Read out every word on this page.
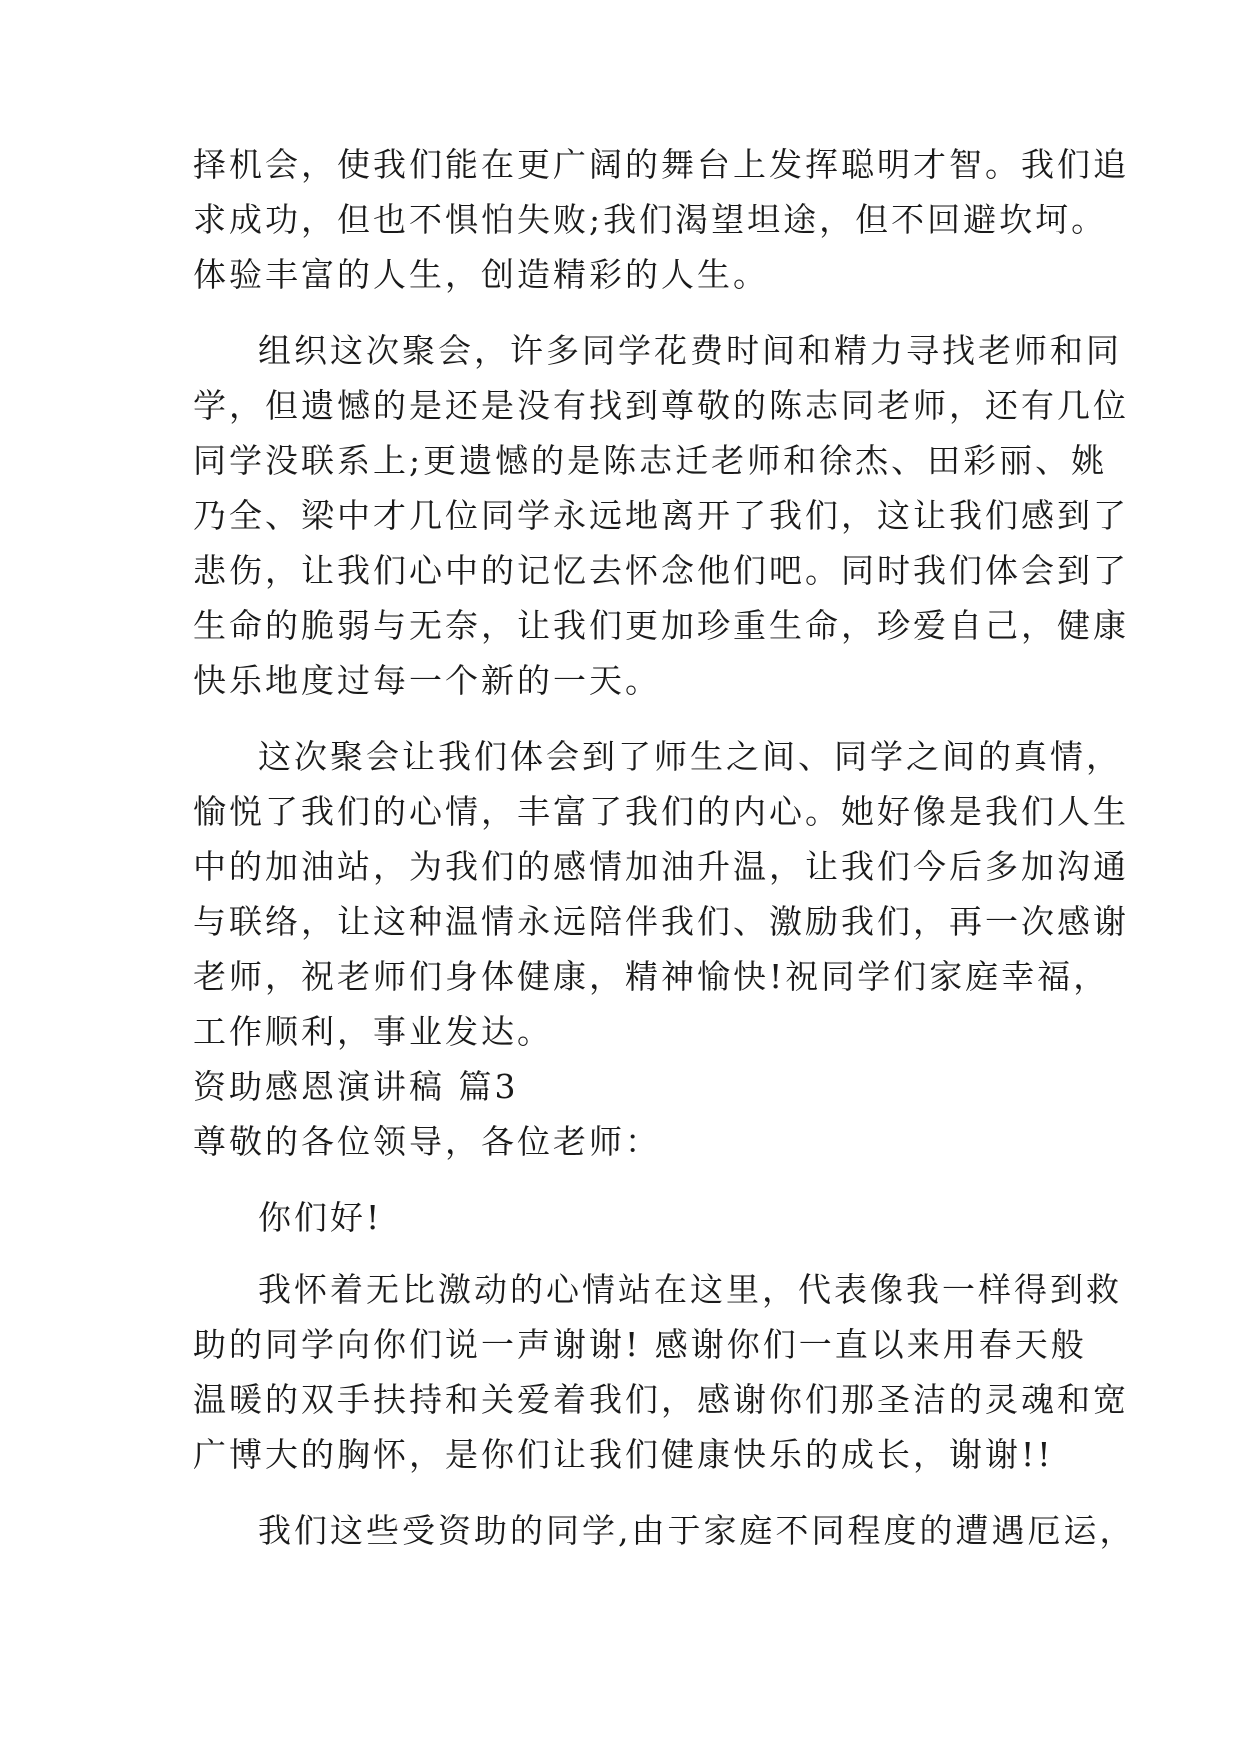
择机会，使我们能在更广阔的舞台上发挥聪明才智。我们追
求成功，但也不惧怕失败;我们渴望坦途，但不回避坎坷。
体验丰富的人生，创造精彩的人生。
组织这次聚会，许多同学花费时间和精力寻找老师和同
学，但遗憾的是还是没有找到尊敬的陈志同老师，还有几位
同学没联系上;更遗憾的是陈志迁老师和徐杰、田彩丽、姚
乃全、梁中才几位同学永远地离开了我们，这让我们感到了
悲伤，让我们心中的记忆去怀念他们吧。同时我们体会到了
生命的脆弱与无奈，让我们更加珍重生命，珍爱自己，健康
快乐地度过每一个新的一天。
这次聚会让我们体会到了师生之间、同学之间的真情，
愉悦了我们的心情，丰富了我们的内心。她好像是我们人生
中的加油站，为我们的感情加油升温，让我们今后多加沟通
与联络，让这种温情永远陪伴我们、激励我们，再一次感谢
老师，祝老师们身体健康，精神愉快!祝同学们家庭幸福，
工作顺利，事业发达。
资助感恩演讲稿 篇3
尊敬的各位领导，各位老师：
你们好!
我怀着无比激动的心情站在这里，代表像我一样得到救
助的同学向你们说一声谢谢! 感谢你们一直以来用春天般
温暖的双手扶持和关爱着我们，感谢你们那圣洁的灵魂和宽
广博大的胸怀，是你们让我们健康快乐的成长，谢谢!!
我们这些受资助的同学,由于家庭不同程度的遭遇厄运，
